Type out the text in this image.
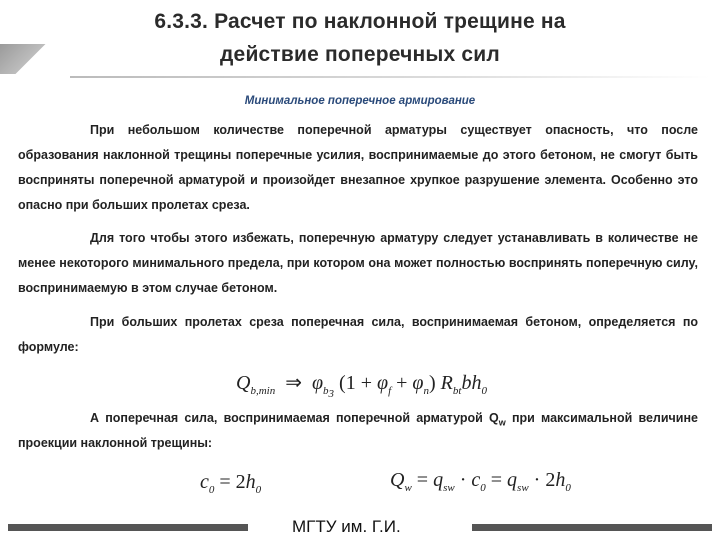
6.3.3. Расчет по наклонной трещине на
действие поперечных сил
Минимальное поперечное армирование
При небольшом количестве поперечной арматуры существует опасность, что после образования наклонной трещины поперечные усилия, воспринимаемые до этого бетоном, не смогут быть восприняты поперечной арматурой и произойдет внезапное хрупкое разрушение элемента. Особенно это опасно при больших пролетах среза.
Для того чтобы этого избежать, поперечную арматуру следует устанавливать в количестве не менее некоторого минимального предела, при котором она может полностью воспринять поперечную силу, воспринимаемую в этом случае бетоном.
При больших пролетах среза поперечная сила, воспринимаемая бетоном, определяется по формуле:
$Q_{b,min}$ ⇒  $\varphi_{b_3}$ $(1 + \varphi_f + \varphi_n)$ $R_{bt}bh_0$
А поперечная сила, воспринимаемая поперечной арматурой $Q_w$ при максимальной величине проекции наклонной трещины:
$c_0 = 2h_0$	$Q_w = q_{sw} \cdot c_0 = q_{sw} \cdot 2h_0$
МГТУ им. Г.И.
